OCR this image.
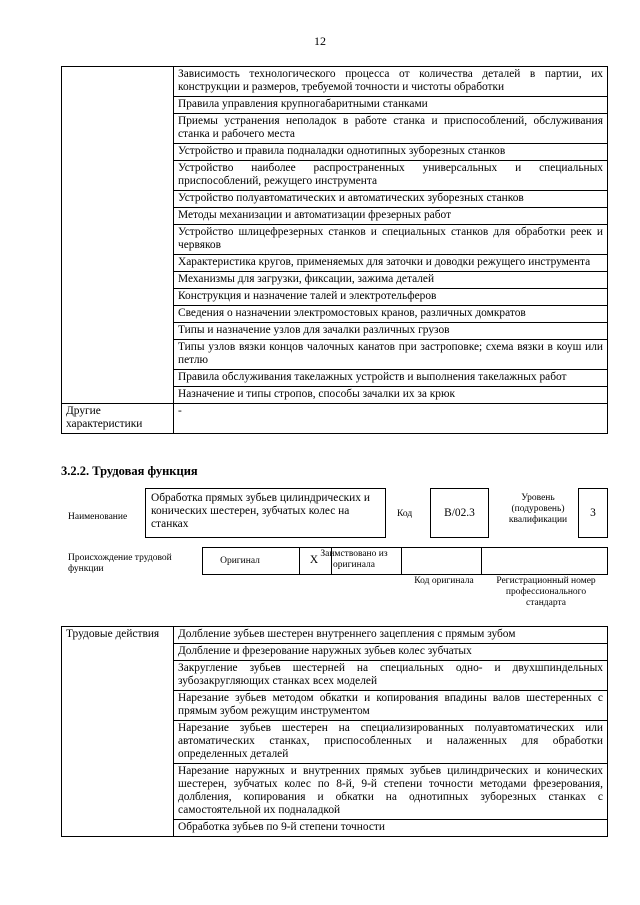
12
	Зависимость технологического процесса от количества деталей в партии, их конструкции и размеров, требуемой точности и чистоты обработки
	Правила управления крупногабаритными станками
	Приемы устранения неполадок в работе станка и приспособлений, обслуживания станка и рабочего места
	Устройство и правила подналадки однотипных зуборезных станков
	Устройство наиболее распространенных универсальных и специальных приспособлений, режущего инструмента
	Устройство полуавтоматических и автоматических зуборезных станков
	Методы механизации и автоматизации фрезерных работ
	Устройство шлицефрезерных станков и специальных станков для обработки реек и червяков
	Характеристика кругов, применяемых для заточки и доводки режущего инструмента
	Механизмы для загрузки, фиксации, зажима деталей
	Конструкция и назначение талей и электротельферов
	Сведения о назначении электромостовых кранов, различных домкратов
	Типы и назначение узлов для зачалки различных грузов
	Типы узлов вязки концов чалочных канатов при застроповке; схема вязки в коуш или петлю
	Правила обслуживания такелажных устройств и выполнения такелажных работ
	Назначение и типы стропов, способы зачалки их за крюк
Другие характеристики	-
3.2.2. Трудовая функция
Наименование
Обработка прямых зубьев цилиндрических и конических шестерен, зубчатых колес на станках
Код	B/02.3
Уровень (подуровень) квалификации
3
Происхождение трудовой функции
Оригинал	X Заимствовано из оригинала
Код оригинала	Регистрационный номер профессионального стандарта
Трудовые действия	Долбление зубьев шестерен внутреннего зацепления с прямым зубом
Долбление и фрезерование наружных зубьев колес зубчатых
Закругление зубьев шестерней на специальных одно- и двухшпиндельных зубозакругляющих станках всех моделей
Нарезание зубьев методом обкатки и копирования впадины валов шестеренных с прямым зубом режущим инструментом
Нарезание зубьев шестерен на специализированных полуавтоматических или автоматических станках, приспособленных и налаженных для обработки определенных деталей
Нарезание наружных и внутренних прямых зубьев цилиндрических и конических шестерен, зубчатых колес по 8-й, 9-й степени точности методами фрезерования, долбления, копирования и обкатки на однотипных зуборезных станках с самостоятельной их подналадкой
Обработка зубьев по 9-й степени точности
